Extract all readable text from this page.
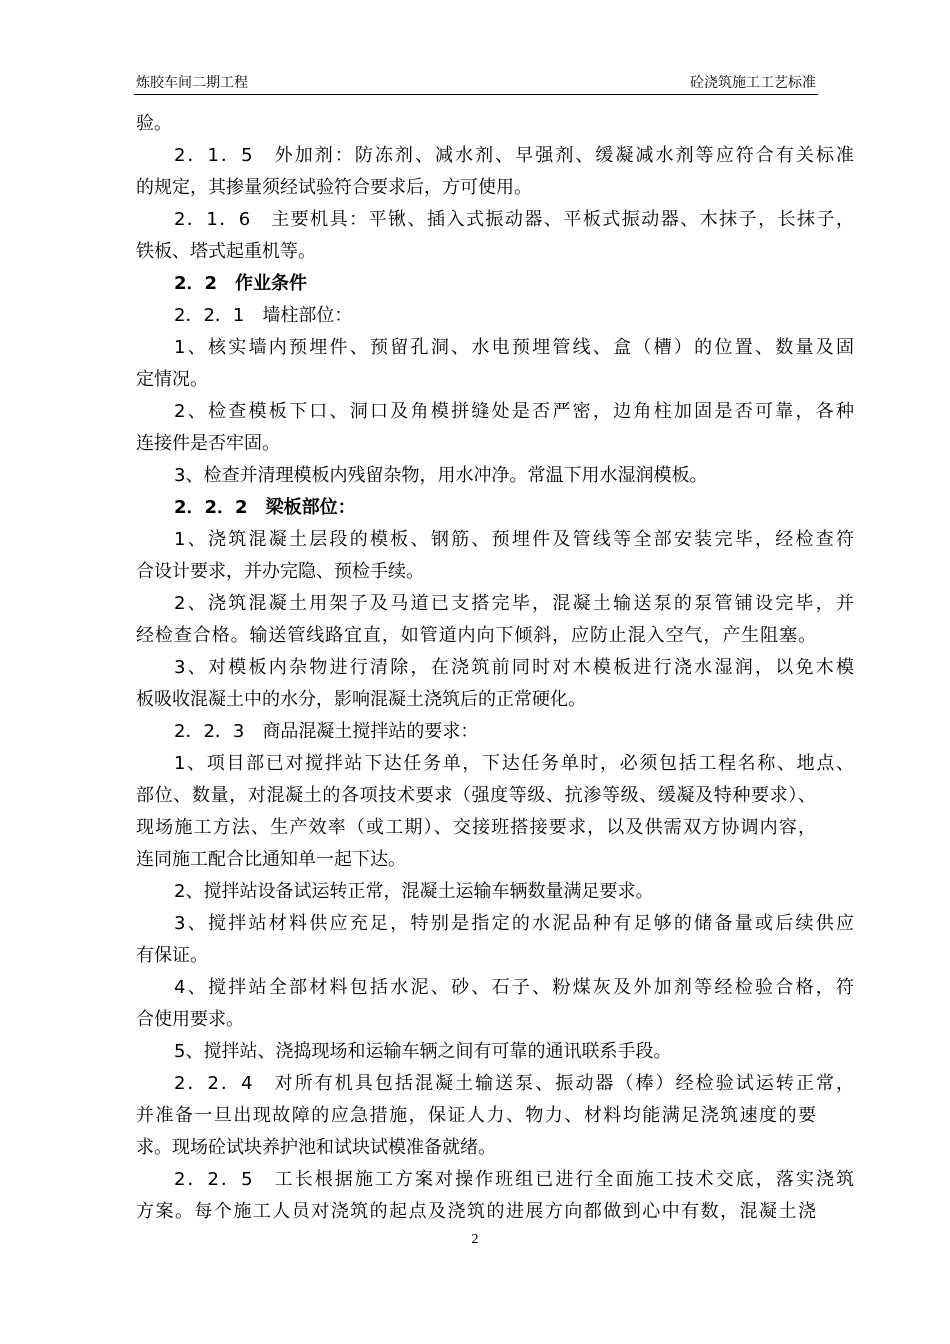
炼胶车间二期工程	砼浇筑施工工艺标准
验。
2．1．5　外加剂：防冻剂、减水剂、早强剂、缓凝减水剂等应符合有关标准
的规定，其掺量须经试验符合要求后，方可使用。
2．1．6　主要机具：平锹、插入式振动器、平板式振动器、木抹子，长抹子，
铁板、塔式起重机等。
2．2　作业条件
2．2．1　墙柱部位：
1、核实墙内预埋件、预留孔洞、水电预埋管线、盒（槽）的位置、数量及固
定情况。
2、检查模板下口、洞口及角模拼缝处是否严密，边角柱加固是否可靠，各种
连接件是否牢固。
3、检查并清理模板内残留杂物，用水冲净。常温下用水湿润模板。
2．2．2　梁板部位：
1、浇筑混凝土层段的模板、钢筋、预埋件及管线等全部安装完毕，经检查符
合设计要求，并办完隐、预检手续。
2、浇筑混凝土用架子及马道已支搭完毕，混凝土输送泵的泵管铺设完毕，并
经检查合格。输送管线路宜直，如管道内向下倾斜，应防止混入空气，产生阻塞。
3、对模板内杂物进行清除，在浇筑前同时对木模板进行浇水湿润，以免木模
板吸收混凝土中的水分，影响混凝土浇筑后的正常硬化。
2．2．3　商品混凝土搅拌站的要求：
1、项目部已对搅拌站下达任务单，下达任务单时，必须包括工程名称、地点、
部位、数量，对混凝土的各项技术要求（强度等级、抗渗等级、缓凝及特种要求）、
现场施工方法、生产效率（或工期）、交接班搭接要求，以及供需双方协调内容，
连同施工配合比通知单一起下达。
2、搅拌站设备试运转正常，混凝土运输车辆数量满足要求。
3、搅拌站材料供应充足，特别是指定的水泥品种有足够的储备量或后续供应
有保证。
4、搅拌站全部材料包括水泥、砂、石子、粉煤灰及外加剂等经检验合格，符
合使用要求。
5、搅拌站、浇捣现场和运输车辆之间有可靠的通讯联系手段。
2．2．4　对所有机具包括混凝土输送泵、振动器（棒）经检验试运转正常，
并准备一旦出现故障的应急措施，保证人力、物力、材料均能满足浇筑速度的要
求。现场砼试块养护池和试块试模准备就绪。
2．2．5　工长根据施工方案对操作班组已进行全面施工技术交底，落实浇筑
方案。每个施工人员对浇筑的起点及浇筑的进展方向都做到心中有数，混凝土浇
2
